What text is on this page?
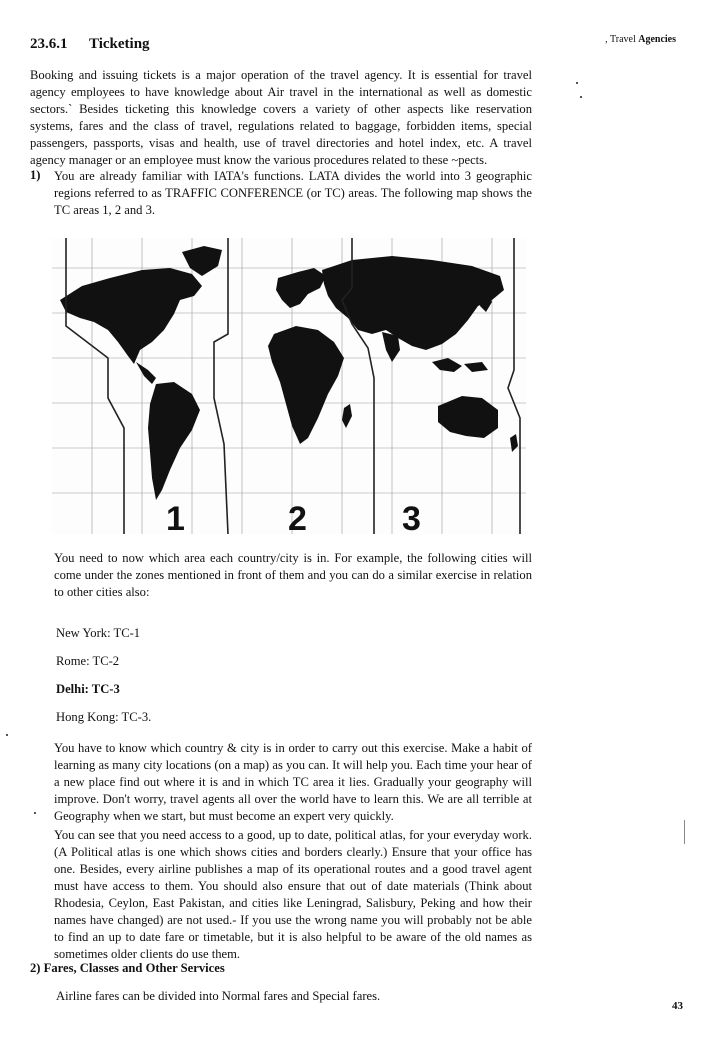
23.6.1 Ticketing	, Travel Agencies
Booking and issuing tickets is a major operation of the travel agency. It is essential for travel agency employees to have knowledge about Air travel in the international as well as domestic sectors.` Besides ticketing this knowledge covers a variety of other aspects like reservation systems, fares and the class of travel, regulations related to baggage, forbidden items, special passengers, passports, visas and health, use of travel directories and hotel index, etc. A travel agency manager or an employee must know the various procedures related to these ~pects.
1) You are already familiar with IATA's functions. LATA divides the world into 3 geographic regions referred to as TRAFFIC CONFERENCE (or TC) areas. The following map shows the TC areas 1, 2 and 3.
1	2	3
You need to now which area each country/city is in. For example, the following cities will come under the zones mentioned in front of them and you can do a similar exercise in relation to other cities also:
New York: TC-1
Rome: TC-2
Delhi: TC-3
Hong Kong: TC-3.
You have to know which country & city is in order to carry out this exercise. Make a habit of learning as many city locations (on a map) as you can. It will help you. Each time your hear of a new place find out where it is and in which TC area it lies. Gradually your geography will improve. Don't worry, travel agents all over the world have to learn this. We are all terrible at Geography when we start, but must become an expert very quickly.
You can see that you need access to a good, up to date, political atlas, for your everyday work. (A Political atlas is one which shows cities and borders clearly.) Ensure that your office has one. Besides, every airline publishes a map of its operational routes and a good travel agent must have access to them. You should also ensure that out of date materials (Think about Rhodesia, Ceylon, East Pakistan, and cities like Leningrad, Salisbury, Peking and how their names have changed) are not used.- If you use the wrong name you will probably not be able to find an up to date fare or timetable, but it is also helpful to be aware of the old names as sometimes older clients do use them.
2) Fares, Classes and Other Services
Airline fares can be divided into Normal fares and Special fares.
43
